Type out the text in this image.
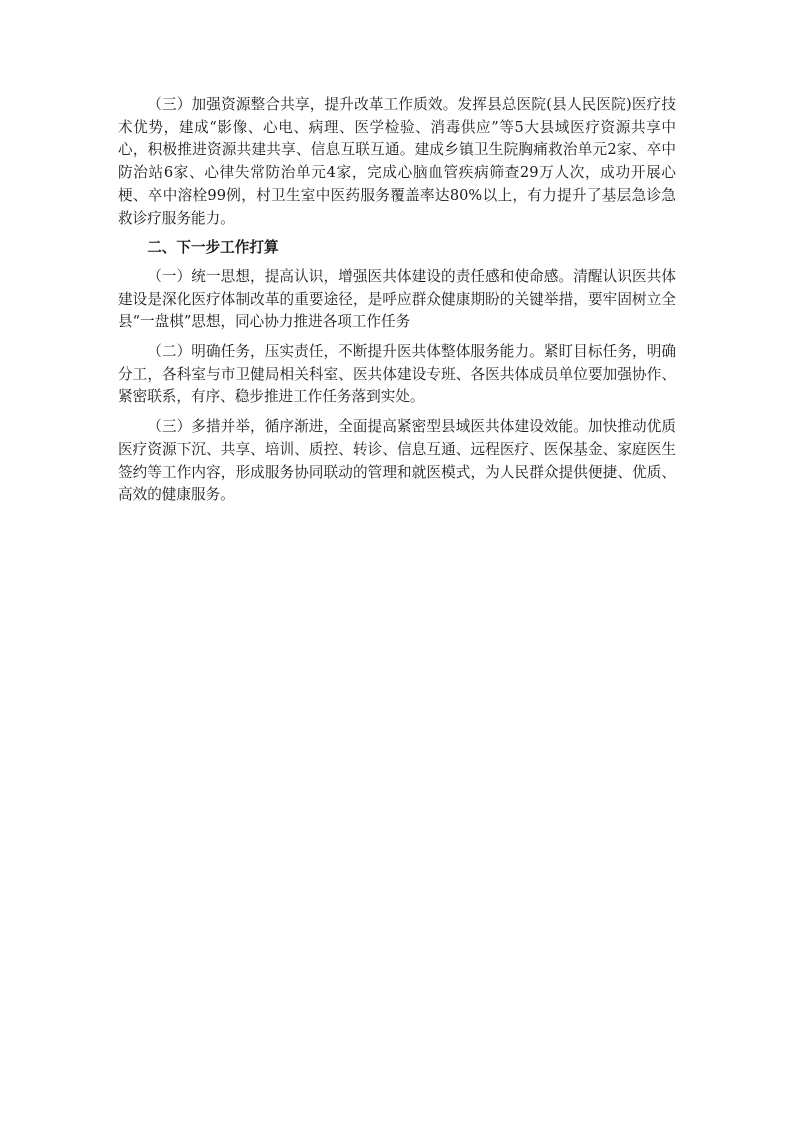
（三）加强资源整合共享，提升改革工作质效。发挥县总医院(县人民医院)医疗技术优势，建成“影像、心电、病理、医学检验、消毒供应”等5大县域医疗资源共享中心，积极推进资源共建共享、信息互联互通。建成乡镇卫生院胸痛救治单元2家、卒中防治站6家、心律失常防治单元4家，完成心脑血管疾病筛查29万人次，成功开展心梗、卒中溶栓99例，村卫生室中医药服务覆盖率达80%以上，有力提升了基层急诊急救诊疗服务能力。

二、下一步工作打算

（一）统一思想，提高认识，增强医共体建设的责任感和使命感。清醒认识医共体建设是深化医疗体制改革的重要途径，是呼应群众健康期盼的关键举措，要牢固树立全县“一盘棋”思想，同心协力推进各项工作任务

（二）明确任务，压实责任，不断提升医共体整体服务能力。紧盯目标任务，明确分工，各科室与市卫健局相关科室、医共体建设专班、各医共体成员单位要加强协作、紧密联系，有序、稳步推进工作任务落到实处。

（三）多措并举，循序渐进，全面提高紧密型县域医共体建设效能。加快推动优质医疗资源下沉、共享、培训、质控、转诊、信息互通、远程医疗、医保基金、家庭医生签约等工作内容，形成服务协同联动的管理和就医模式，为人民群众提供便捷、优质、高效的健康服务。
